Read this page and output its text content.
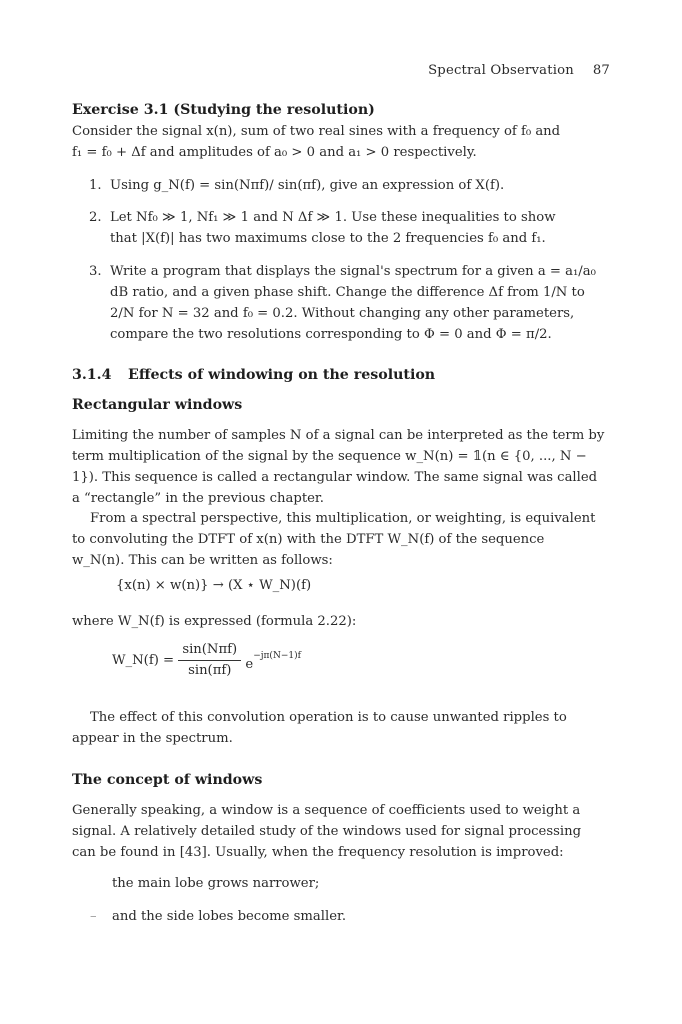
Spectral Observation 87
Exercise 3.1 (Studying the resolution)
Consider the signal x(n), sum of two real sines with a frequency of f₀ and
f₁ = f₀ + Δf and amplitudes of a₀ > 0 and a₁ > 0 respectively.
1. Using g_N(f) = sin(Nπf)/ sin(πf), give an expression of X(f).
2. Let Nf₀ ≫ 1, Nf₁ ≫ 1 and N Δf ≫ 1. Use these inequalities to show
that |X(f)| has two maximums close to the 2 frequencies f₀ and f₁.
3. Write a program that displays the signal's spectrum for a given a = a₁/a₀
dB ratio, and a given phase shift. Change the difference Δf from 1/N to
2/N for N = 32 and f₀ = 0.2. Without changing any other parameters,
compare the two resolutions corresponding to Φ = 0 and Φ = π/2.
3.1.4 Effects of windowing on the resolution
Rectangular windows
Limiting the number of samples N of a signal can be interpreted as the term by
term multiplication of the signal by the sequence w_N(n) = 𝟙(n ∈ {0, ..., N −
1}). This sequence is called a rectangular window. The same signal was called
a “rectangle” in the previous chapter.
From a spectral perspective, this multiplication, or weighting, is equivalent
to convoluting the DTFT of x(n) with the DTFT W_N(f) of the sequence
w_N(n). This can be written as follows:
{x(n) × w(n)} → (X ⋆ W_N)(f)
where W_N(f) is expressed (formula 2.22):
W_N(f) = $\frac{\text{sin(Nπf)}}{\sin(\pi f)} e^{-j\pi(N-1)f}$
The effect of this convolution operation is to cause unwanted ripples to
appear in the spectrum.
The concept of windows
Generally speaking, a window is a sequence of coefficients used to weight a
signal. A relatively detailed study of the windows used for signal processing
can be found in [43]. Usually, when the frequency resolution is improved:
– the main lobe grows narrower;
– and the side lobes become smaller.
